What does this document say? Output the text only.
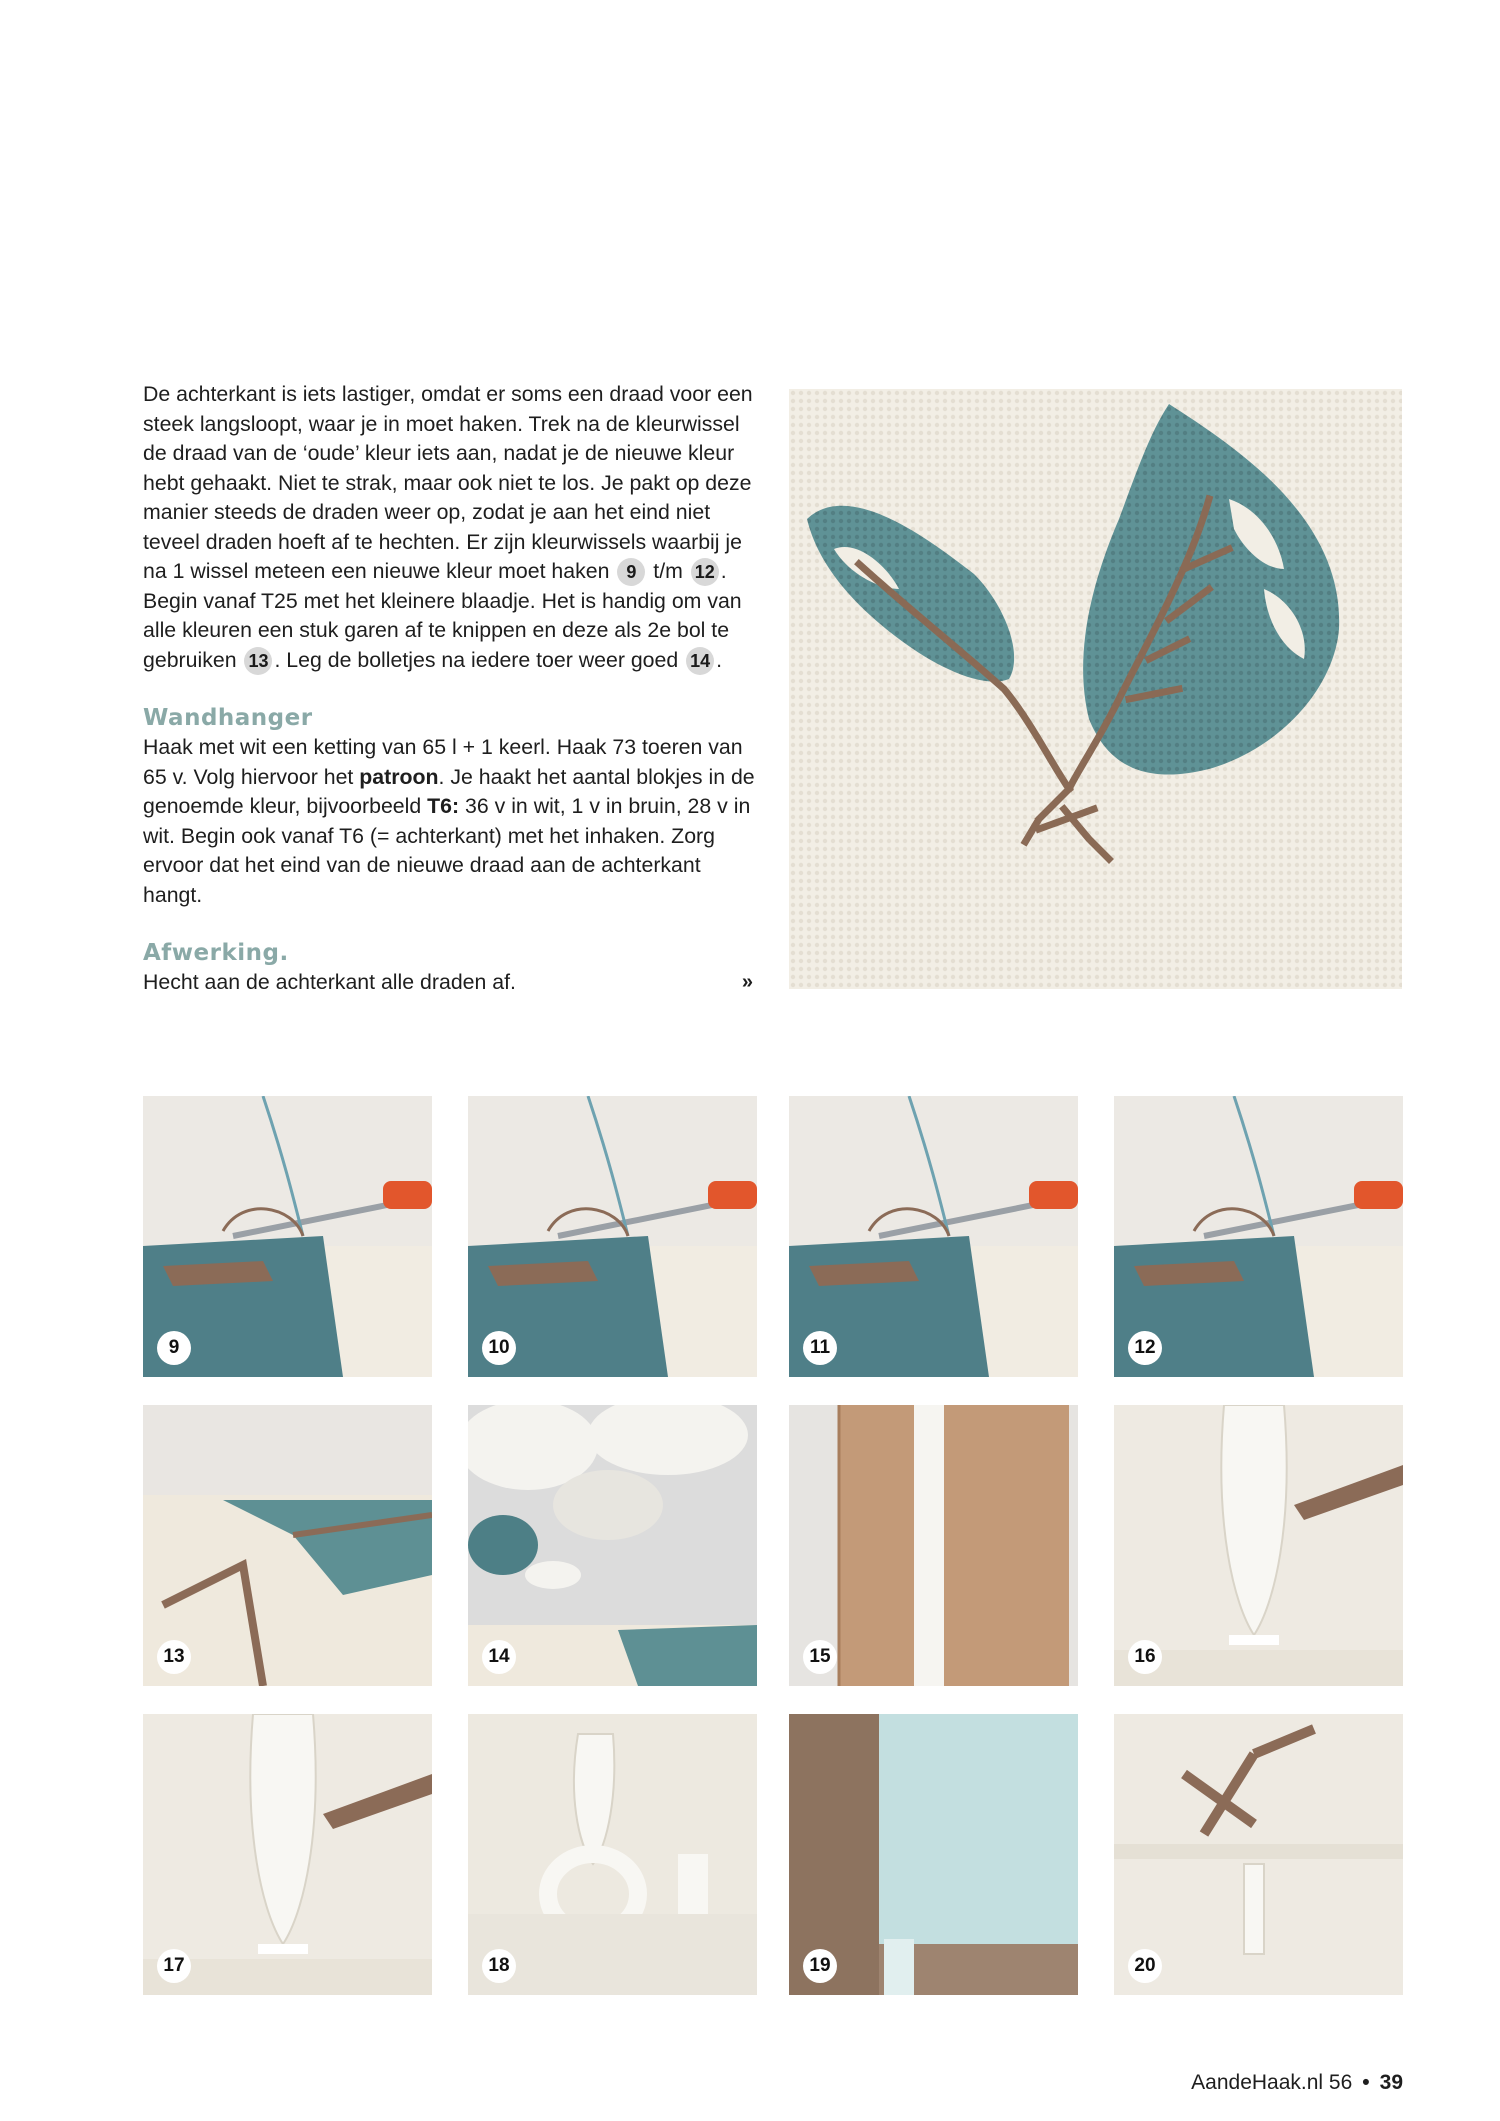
De achterkant is iets lastiger, omdat er soms een draad voor een steek langsloopt, waar je in moet haken. Trek na de kleurwissel de draad van de ‘oude’ kleur iets aan, nadat je de nieuwe kleur hebt gehaakt. Niet te strak, maar ook niet te los. Je pakt op deze manier steeds de draden weer op, zodat je aan het eind niet teveel draden hoeft af te hechten. Er zijn kleurwissels waarbij je na 1 wissel meteen een nieuwe kleur moet haken 9 t/m 12 . Begin vanaf T25 met het kleinere blaadje. Het is handig om van alle kleuren een stuk garen af te knippen en deze als 2e bol te gebruiken 13 . Leg de bolletjes na iedere toer weer goed 14 .

Wandhanger

Haak met wit een ketting van 65 l + 1 keerl. Haak 73 toeren van 65 v. Volg hiervoor het patroon. Je haakt het aantal blokjes in de genoemde kleur, bijvoorbeeld T6: 36 v in wit, 1 v in bruin, 28 v in wit. Begin ook vanaf T6 (= achterkant) met het inhaken. Zorg ervoor dat het eind van de nieuwe draad aan de achterkant hangt.

Afwerking.
Hecht aan de achterkant alle draden af.	»
9	10	11	12
13	14	15	16
17	18	19	20
AandeHaak.nl 56 • 39
